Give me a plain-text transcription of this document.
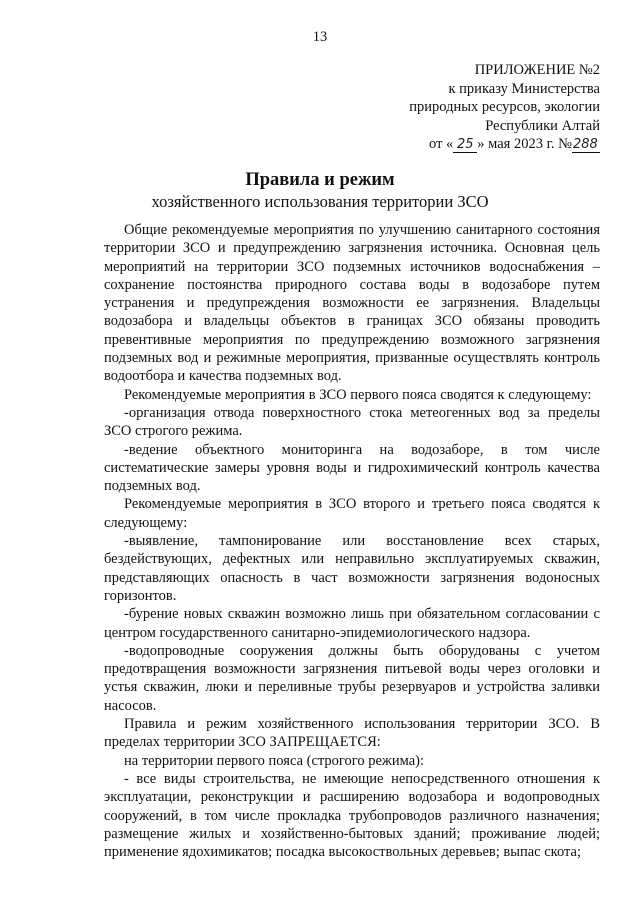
13
ПРИЛОЖЕНИЕ №2
к приказу Министерства
природных ресурсов, экологии
Республики Алтай
от « 25 » мая 2023 г. №288
Правила и режим
хозяйственного использования территории ЗСО

Общие рекомендуемые мероприятия по улучшению санитарного состояния территории ЗСО и предупреждению загрязнения источника. Основная цель мероприятий на территории ЗСО подземных источников водоснабжения – сохранение постоянства природного состава воды в водозаборе путем устранения и предупреждения возможности ее загрязнения. Владельцы водозабора и владельцы объектов в границах ЗСО обязаны проводить превентивные мероприятия по предупреждению возможного загрязнения подземных вод и режимные мероприятия, призванные осуществлять контроль водоотбора и качества подземных вод.

Рекомендуемые мероприятия в ЗСО первого пояса сводятся к следующему:

-организация отвода поверхностного стока метеогенных вод за пределы ЗСО строгого режима.

-ведение объектного мониторинга на водозаборе, в том числе систематические замеры уровня воды и гидрохимический контроль качества подземных вод.

Рекомендуемые мероприятия в ЗСО второго и третьего пояса сводятся к следующему:

-выявление, тампонирование или восстановление всех старых, бездействующих, дефектных или неправильно эксплуатируемых скважин, представляющих опасность в част возможности загрязнения водоносных горизонтов.

-бурение новых скважин возможно лишь при обязательном согласовании с центром государственного санитарно-эпидемиологического надзора.

-водопроводные сооружения должны быть оборудованы с учетом предотвращения возможности загрязнения питьевой воды через оголовки и устья скважин, люки и переливные трубы резервуаров и устройства заливки насосов.

Правила и режим хозяйственного использования территории ЗСО. В пределах территории ЗСО ЗАПРЕЩАЕТСЯ:

на территории первого пояса (строгого режима):

- все виды строительства, не имеющие непосредственного отношения к эксплуатации, реконструкции и расширению водозабора и водопроводных сооружений, в том числе прокладка трубопроводов различного назначения; размещение жилых и хозяйственно-бытовых зданий; проживание людей; применение ядохимикатов; посадка высокоствольных деревьев; выпас скота;
